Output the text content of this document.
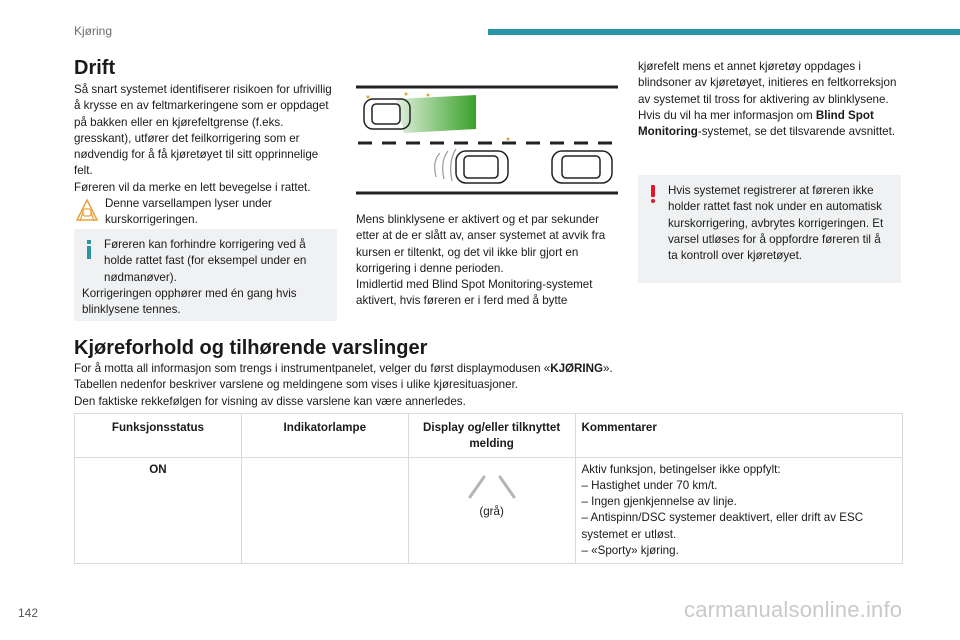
Kjøring
Drift

Så snart systemet identifiserer risikoen for ufrivillig å krysse en av feltmarkeringene som er oppdaget på bakken eller en kjørefeltgrense (f.eks. gresskant), utfører det feilkorrigering som er nødvendig for å få kjøretøyet til sitt opprinnelige felt.

Føreren vil da merke en lett bevegelse i rattet.

Denne varsellampen lyser under kurskorrigeringen.
Føreren kan forhindre korrigering ved å holde rattet fast (for eksempel under en nødmanøver).
Korrigeringen opphører med én gang hvis blinklysene tennes.

Mens blinklysene er aktivert og et par sekunder etter at de er slått av, anser systemet at avvik fra kursen er tiltenkt, og det vil ikke blir gjort en korrigering i denne perioden.

Imidlertid med Blind Spot Monitoring-systemet aktivert, hvis føreren er i ferd med å bytte

kjørefelt mens et annet kjøretøy oppdages i blindsoner av kjøretøyet, initieres en feltkorreksjon av systemet til tross for aktivering av blinklysene.

Hvis du vil ha mer informasjon om Blind Spot Monitoring-systemet, se det tilsvarende avsnittet.

Hvis systemet registrerer at føreren ikke holder rattet fast nok under en automatisk kurskorrigering, avbrytes korrigeringen. Et varsel utløses for å oppfordre føreren til å ta kontroll over kjøretøyet.
Kjøreforhold og tilhørende varslinger

For å motta all informasjon som trengs i instrumentpanelet, velger du først displaymodusen «KJØRING».

Tabellen nedenfor beskriver varslene og meldingene som vises i ulike kjøresituasjoner.

Den faktiske rekkefølgen for visning av disse varslene kan være annerledes.

Funksjonsstatus	Indikatorlampe	Display og/eller tilknyttet melding	Kommentarer
ON		(grå)	Aktiv funksjon, betingelser ikke oppfylt:
– Hastighet under 70 km/t.
– Ingen gjenkjennelse av linje.
– Antispinn/DSC systemer deaktivert, eller drift av ESC systemet er utløst.
– «Sporty» kjøring.
142	carmanualsonline.info
